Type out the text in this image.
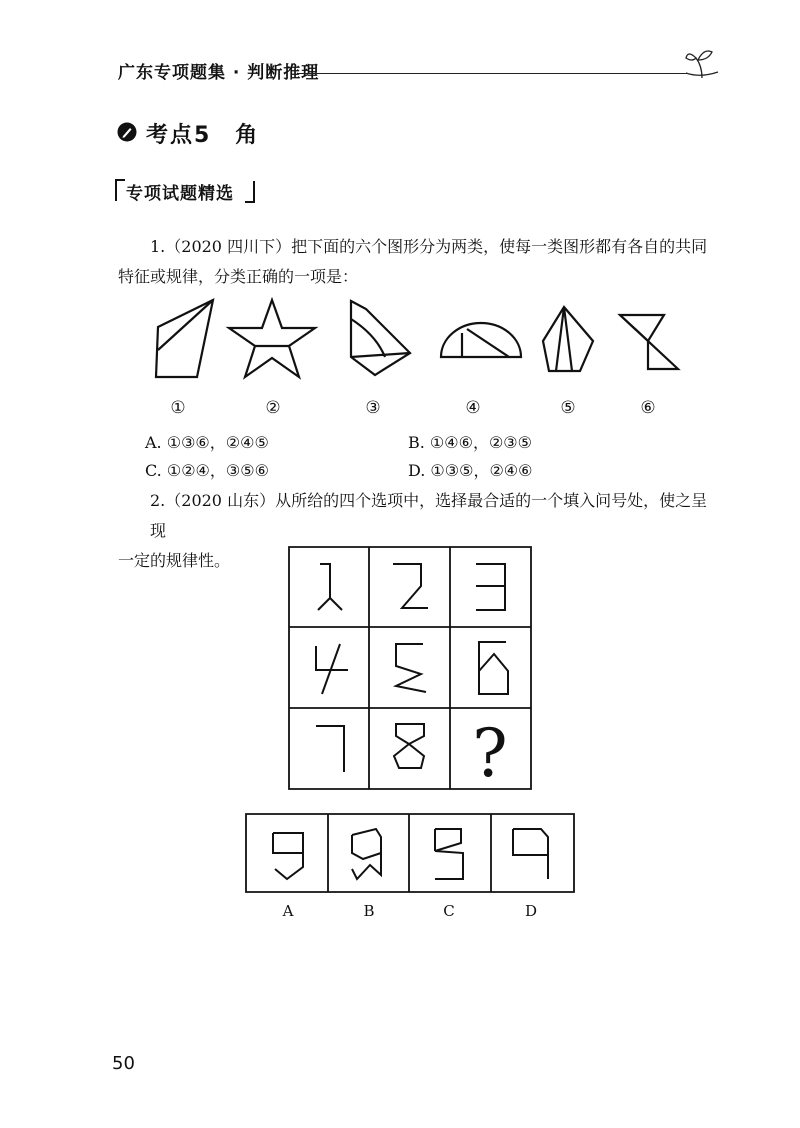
广东专项题集 · 判断推理
考点5　角
专项试题精选
1.（2020 四川下）把下面的六个图形分为两类，使每一类图形都有各自的共同
特征或规律，分类正确的一项是：
①	②	③	④	⑤	⑥
A. ①③⑥，②④⑤	B. ①④⑥，②③⑤
C. ①②④，③⑤⑥	D. ①③⑤，②④⑥
2.（2020 山东）从所给的四个选项中，选择最合适的一个填入问号处，使之呈现
一定的规律性。
?
A	B	C	D
50
